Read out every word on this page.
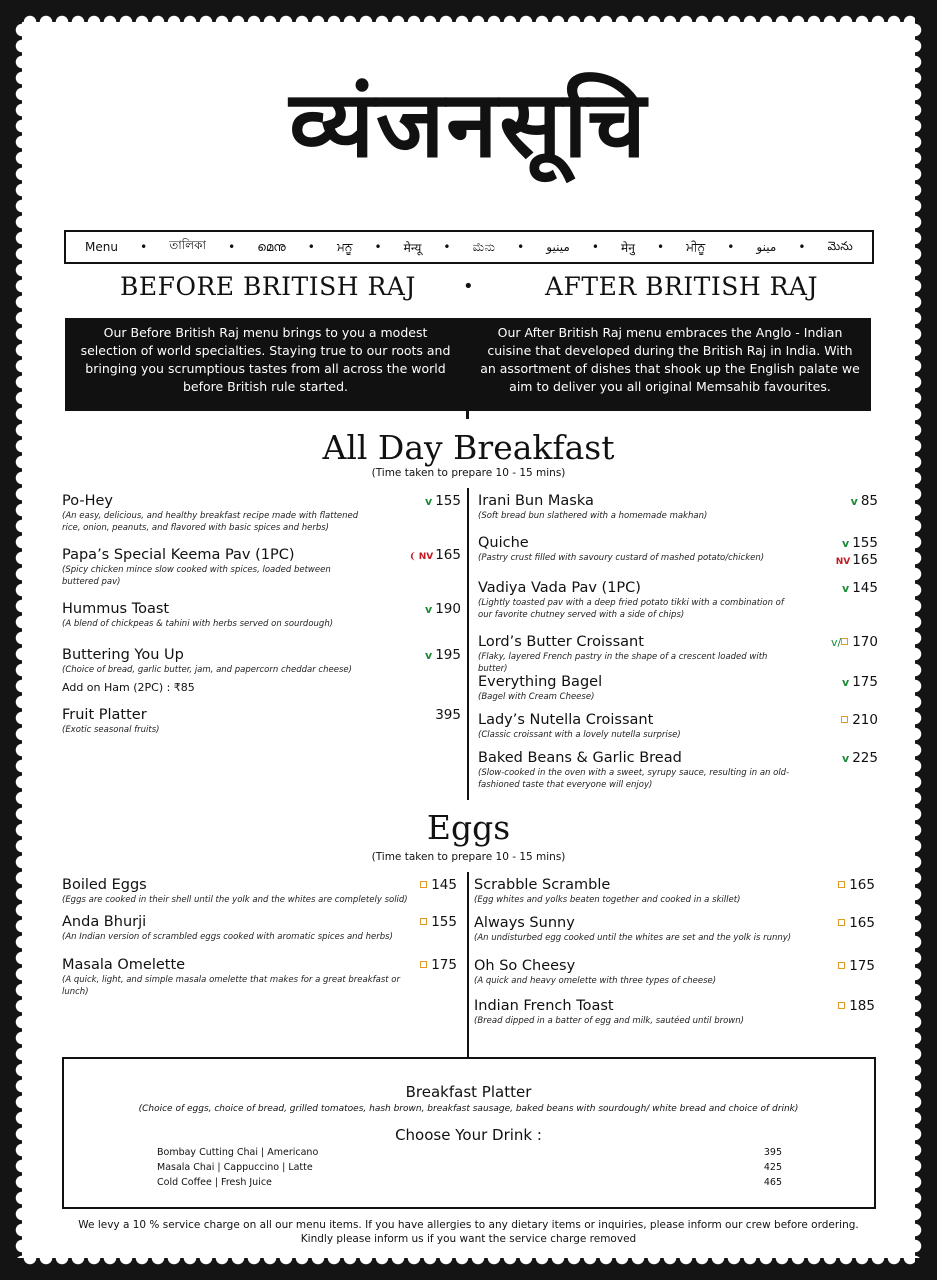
व्यंजनसूचि
Menu • তালিকা • മെനു • ਮਨੂ • मेन्यू • ಮೆನು • مینیو • मेनु • ਮੀਨੂ • مينو • మెను
BEFORE BRITISH RAJ	•	AFTER BRITISH RAJ
Our Before British Raj menu brings to you a modest selection of world specialties. Staying true to our roots and bringing you scrumptious tastes from all across the world before British rule started.
Our After British Raj menu embraces the Anglo - Indian cuisine that developed during the British Raj in India. With an assortment of dishes that shook up the English palate we aim to deliver you all original Memsahib favourites.
All Day Breakfast
(Time taken to prepare 10 - 15 mins)
Po-Hey
(An easy, delicious, and healthy breakfast recipe made with flattened rice, onion, peanuts, and flavored with basic spices and herbs)
v 155
Papa’s Special Keema Pav (1PC)
(Spicy chicken mince slow cooked with spices, loaded between buttered pav)
❨ NV 165
Hummus Toast
(A blend of chickpeas & tahini with herbs served on sourdough)
v 190
Buttering You Up
(Choice of bread, garlic butter, jam, and papercorn cheddar cheese)
Add on Ham (2PC) : ₹85
v 195
Fruit Platter
(Exotic seasonal fruits)
395
Irani Bun Maska
(Soft bread bun slathered with a homemade makhan)
v 85
Quiche
(Pastry crust filled with savoury custard of mashed potato/chicken)
v 155
NV 165
Vadiya Vada Pav (1PC)
(Lightly toasted pav with a deep fried potato tikki with a combination of our favorite chutney served with a side of chips)
v 145
Lord’s Butter Croissant
(Flaky, layered French pastry in the shape of a crescent loaded with butter)
v/ 170
Everything Bagel
(Bagel with Cream Cheese)
v 175
Lady’s Nutella Croissant
(Classic croissant with a lovely nutella surprise)
210
Baked Beans & Garlic Bread
(Slow-cooked in the oven with a sweet, syrupy sauce, resulting in an old-fashioned taste that everyone will enjoy)
v 225
Eggs
(Time taken to prepare 10 - 15 mins)
Boiled Eggs
(Eggs are cooked in their shell until the yolk and the whites are completely solid)
145
Anda Bhurji
(An Indian version of scrambled eggs cooked with aromatic spices and herbs)
155
Masala Omelette
(A quick, light, and simple masala omelette that makes for a great breakfast or lunch)
175
Scrabble Scramble
(Egg whites and yolks beaten together and cooked in a skillet)
165
Always Sunny
(An undisturbed egg cooked until the whites are set and the yolk is runny)
165
Oh So Cheesy
(A quick and heavy omelette with three types of cheese)
175
Indian French Toast
(Bread dipped in a batter of egg and milk, sautéed until brown)
185
Breakfast Platter
(Choice of eggs, choice of bread, grilled tomatoes, hash brown, breakfast sausage, baked beans with sourdough/ white bread and choice of drink)
Choose Your Drink :
Bombay Cutting Chai | Americano	395
Masala Chai | Cappuccino | Latte	425
Cold Coffee | Fresh Juice	465
We levy a 10 % service charge on all our menu items. If you have allergies to any dietary items or inquiries, please inform our crew before ordering.
Kindly please inform us if you want the service charge removed
